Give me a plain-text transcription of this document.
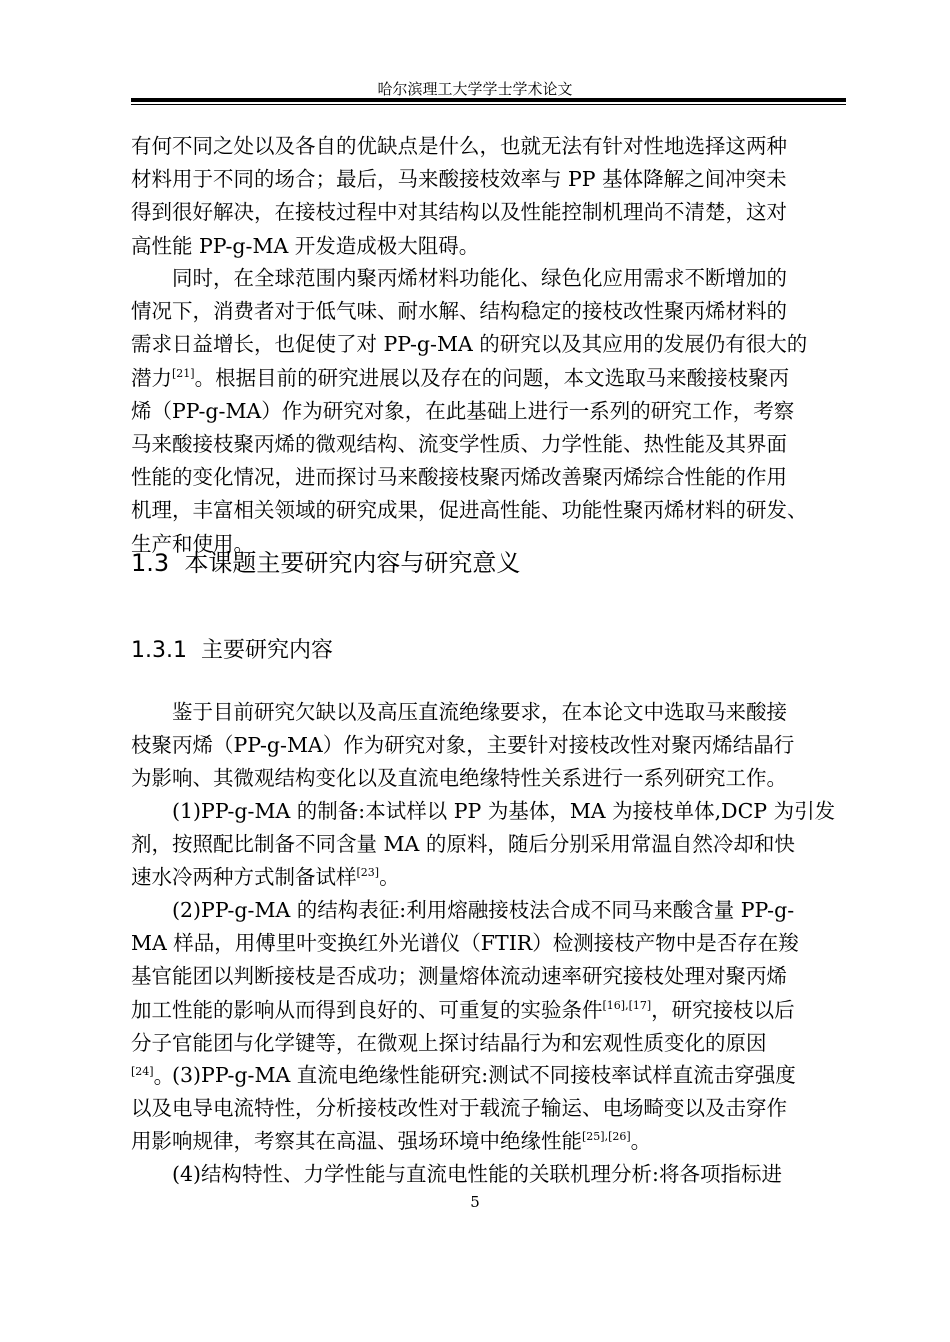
哈尔滨理工大学学士学术论文
有何不同之处以及各自的优缺点是什么，也就无法有针对性地选择这两种
材料用于不同的场合；最后，马来酸接枝效率与 PP 基体降解之间冲突未
得到很好解决，在接枝过程中对其结构以及性能控制机理尚不清楚，这对
高性能 PP-g-MA 开发造成极大阻碍。
同时，在全球范围内聚丙烯材料功能化、绿色化应用需求不断增加的
情况下，消费者对于低气味、耐水解、结构稳定的接枝改性聚丙烯材料的
需求日益增长，也促使了对 PP-g-MA 的研究以及其应用的发展仍有很大的
潜力[21]。根据目前的研究进展以及存在的问题，本文选取马来酸接枝聚丙
烯（PP-g-MA）作为研究对象，在此基础上进行一系列的研究工作，考察
马来酸接枝聚丙烯的微观结构、流变学性质、力学性能、热性能及其界面
性能的变化情况，进而探讨马来酸接枝聚丙烯改善聚丙烯综合性能的作用
机理，丰富相关领域的研究成果，促进高性能、功能性聚丙烯材料的研发、
生产和使用。
1.3 本课题主要研究内容与研究意义
1.3.1 主要研究内容
鉴于目前研究欠缺以及高压直流绝缘要求，在本论文中选取马来酸接
枝聚丙烯（PP-g-MA）作为研究对象，主要针对接枝改性对聚丙烯结晶行
为影响、其微观结构变化以及直流电绝缘特性关系进行一系列研究工作。
(1)PP-g-MA 的制备:本试样以 PP 为基体，MA 为接枝单体,DCP 为引发
剂，按照配比制备不同含量 MA 的原料，随后分别采用常温自然冷却和快
速水冷两种方式制备试样[23]。
(2)PP-g-MA 的结构表征:利用熔融接枝法合成不同马来酸含量 PP-g-
MA 样品，用傅里叶变换红外光谱仪（FTIR）检测接枝产物中是否存在羧
基官能团以判断接枝是否成功；测量熔体流动速率研究接枝处理对聚丙烯
加工性能的影响从而得到良好的、可重复的实验条件[16],[17]，研究接枝以后
分子官能团与化学键等，在微观上探讨结晶行为和宏观性质变化的原因
[24]。
(3)PP-g-MA 直流电绝缘性能研究:测试不同接枝率试样直流击穿强度
以及电导电流特性，分析接枝改性对于载流子输运、电场畸变以及击穿作
用影响规律，考察其在高温、强场环境中绝缘性能[25],[26]。
(4)结构特性、力学性能与直流电性能的关联机理分析:将各项指标进
5
